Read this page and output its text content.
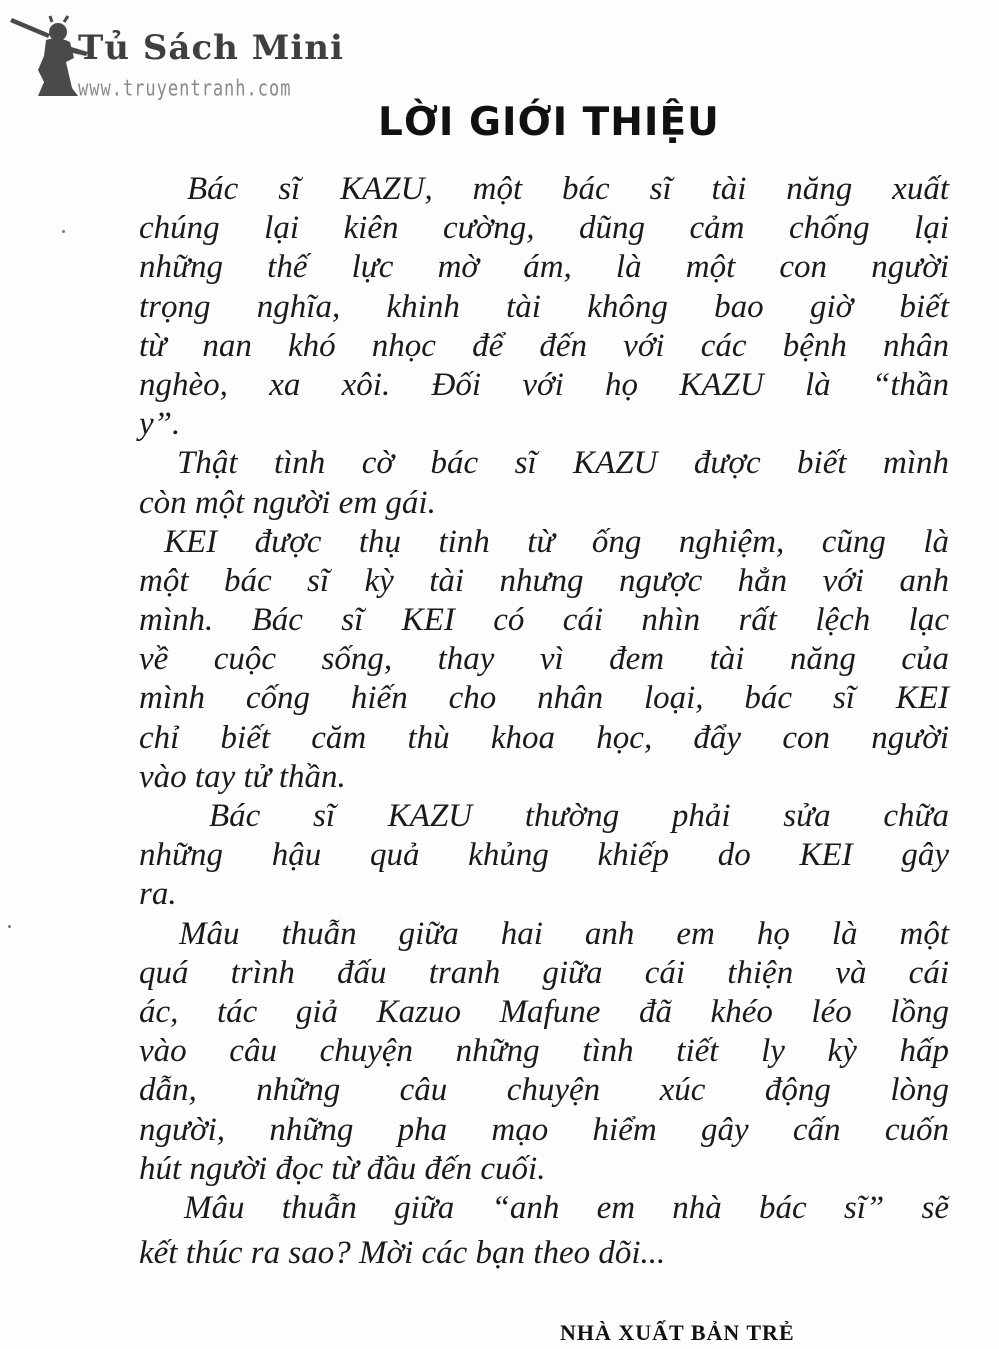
Tủ Sách Mini
www.truyentranh.com
LỜI GIỚI THIỆU
Bác sĩ KAZU, một bác sĩ tài năng xuất
chúng lại kiên cường, dũng cảm chống lại
những thế lực mờ ám, là một con người
trọng nghĩa, khinh tài không bao giờ biết
từ nan khó nhọc để đến với các bệnh nhân
nghèo, xa xôi. Đối với họ KAZU là “thần
y”.
Thật tình cờ bác sĩ KAZU được biết mình
còn một người em gái.
KEI được thụ tinh từ ống nghiệm, cũng là
một bác sĩ kỳ tài nhưng ngược hẳn với anh
mình. Bác sĩ KEI có cái nhìn rất lệch lạc
về cuộc sống, thay vì đem tài năng của
mình cống hiến cho nhân loại, bác sĩ KEI
chỉ biết căm thù khoa học, đẩy con người
vào tay tử thần.
Bác sĩ KAZU thường phải sửa chữa
những hậu quả khủng khiếp do KEI gây
ra.
Mâu thuẫn giữa hai anh em họ là một
quá trình đấu tranh giữa cái thiện và cái
ác, tác giả Kazuo Mafune đã khéo léo lồng
vào câu chuyện những tình tiết ly kỳ hấp
dẫn, những câu chuyện xúc động lòng
người, những pha mạo hiểm gây cấn cuốn
hút người đọc từ đầu đến cuối.
Mâu thuẫn giữa “anh em nhà bác sĩ” sẽ
kết thúc ra sao? Mời các bạn theo dõi...
NHÀ XUẤT BẢN TRẺ
